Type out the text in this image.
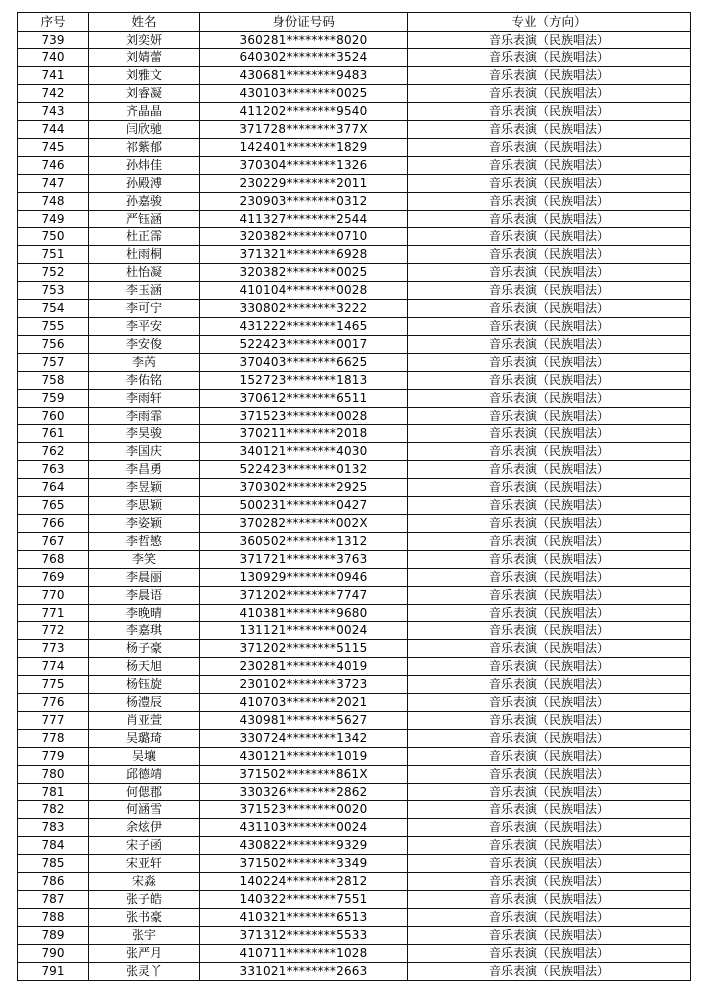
序号	姓名	身份证号码	专业（方向）
739	刘奕妍	360281********8020	音乐表演（民族唱法）
740	刘婧蕾	640302********3524	音乐表演（民族唱法）
741	刘雅文	430681********9483	音乐表演（民族唱法）
742	刘睿凝	430103********0025	音乐表演（民族唱法）
743	齐晶晶	411202********9540	音乐表演（民族唱法）
744	闫欣驰	371728********377X	音乐表演（民族唱法）
745	祁紫郁	142401********1829	音乐表演（民族唱法）
746	孙炜佳	370304********1326	音乐表演（民族唱法）
747	孙殿溥	230229********2011	音乐表演（民族唱法）
748	孙嘉骏	230903********0312	音乐表演（民族唱法）
749	严钰涵	411327********2544	音乐表演（民族唱法）
750	杜正霈	320382********0710	音乐表演（民族唱法）
751	杜雨桐	371321********6928	音乐表演（民族唱法）
752	杜怡凝	320382********0025	音乐表演（民族唱法）
753	李玉涵	410104********0028	音乐表演（民族唱法）
754	李可宁	330802********3222	音乐表演（民族唱法）
755	李平安	431222********1465	音乐表演（民族唱法）
756	李安俊	522423********0017	音乐表演（民族唱法）
757	李芮	370403********6625	音乐表演（民族唱法）
758	李佑铭	152723********1813	音乐表演（民族唱法）
759	李雨轩	370612********6511	音乐表演（民族唱法）
760	李雨霏	371523********0028	音乐表演（民族唱法）
761	李昊骏	370211********2018	音乐表演（民族唱法）
762	李国庆	340121********4030	音乐表演（民族唱法）
763	李昌勇	522423********0132	音乐表演（民族唱法）
764	李昱颖	370302********2925	音乐表演（民族唱法）
765	李思颖	500231********0427	音乐表演（民族唱法）
766	李姿颖	370282********002X	音乐表演（民族唱法）
767	李哲慜	360502********1312	音乐表演（民族唱法）
768	李笑	371721********3763	音乐表演（民族唱法）
769	李晨丽	130929********0946	音乐表演（民族唱法）
770	李晨语	371202********7747	音乐表演（民族唱法）
771	李晚晴	410381********9680	音乐表演（民族唱法）
772	李嘉琪	131121********0024	音乐表演（民族唱法）
773	杨子豪	371202********5115	音乐表演（民族唱法）
774	杨天旭	230281********4019	音乐表演（民族唱法）
775	杨钰旋	230102********3723	音乐表演（民族唱法）
776	杨澧辰	410703********2021	音乐表演（民族唱法）
777	肖亚萱	430981********5627	音乐表演（民族唱法）
778	吴璐琦	330724********1342	音乐表演（民族唱法）
779	吴壤	430121********1019	音乐表演（民族唱法）
780	邱德靖	371502********861X	音乐表演（民族唱法）
781	何偲郡	330326********2862	音乐表演（民族唱法）
782	何涵雪	371523********0020	音乐表演（民族唱法）
783	余炫伊	431103********0024	音乐表演（民族唱法）
784	宋子函	430822********9329	音乐表演（民族唱法）
785	宋亚轩	371502********3349	音乐表演（民族唱法）
786	宋淼	140224********2812	音乐表演（民族唱法）
787	张子皓	140322********7551	音乐表演（民族唱法）
788	张书豪	410321********6513	音乐表演（民族唱法）
789	张宇	371312********5533	音乐表演（民族唱法）
790	张严月	410711********1028	音乐表演（民族唱法）
791	张灵丫	331021********2663	音乐表演（民族唱法）
